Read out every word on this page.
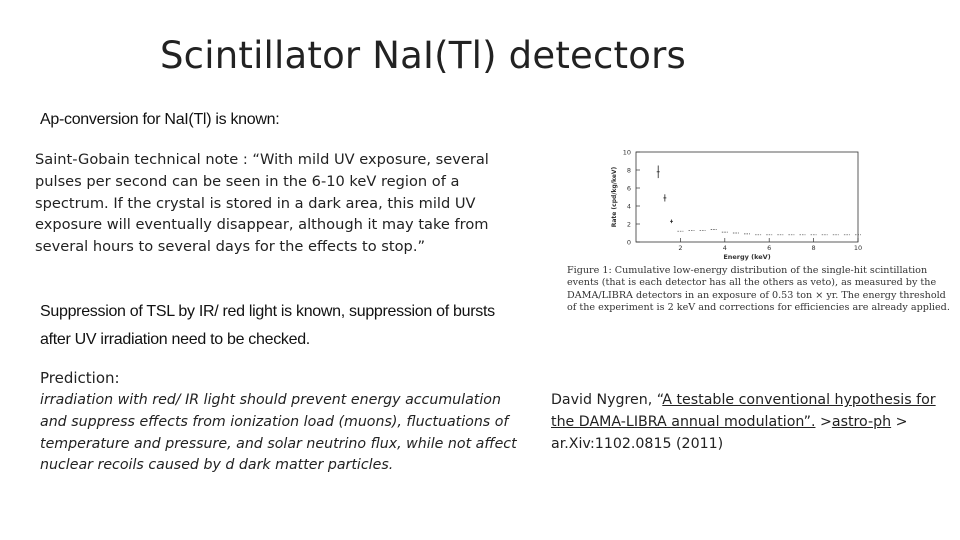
Scintillator NaI(Tl) detectors
Ap-conversion for NaI(Tl) is known:
Saint-Gobain technical note : “With mild UV exposure, several pulses per second can be seen in the 6-10 keV region of a spectrum. If the crystal is stored in a dark area, this mild UV exposure will eventually disappear, although it may take from several hours to several days for the effects to stop.”
Suppression of TSL by IR/ red light is known, suppression of bursts after UV irradiation need to be checked.
Prediction:
irradiation with red/ IR light should prevent energy accumulation and suppress effects from ionization load (muons), fluctuations of temperature and pressure, and solar neutrino flux, while not affect nuclear recoils caused by d dark matter particles.
David Nygren, “A testable conventional hypothesis for the DAMA-LIBRA annual modulation”. >astro-ph > ar.Xiv:1102.0815 (2011)
0
2
4
6
8
10
2	4	6	8	10
Energy (keV)
Rate (cpd/kg/keV)
Figure 1: Cumulative low-energy distribution of the single-hit scintillation events (that is each detector has all the others as veto), as measured by the DAMA/LIBRA detectors in an exposure of 0.53 ton × yr. The energy threshold of the experiment is 2 keV and corrections for efficiencies are already applied.
